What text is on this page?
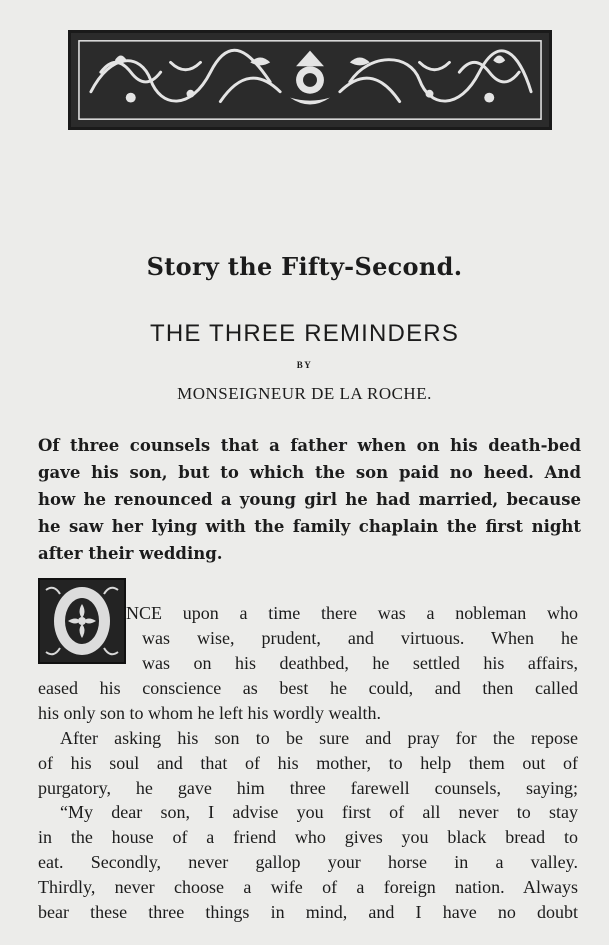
Story the Fifty-Second.
THE THREE REMINDERS
BY
MONSEIGNEUR DE LA ROCHE.
Of three counsels that a father when on his death-bed
gave his son, but to which the son paid no heed. And
how he renounced a young girl he had married, because
he saw her lying with the family chaplain the first night
after their wedding.
NCE upon a time there was a nobleman who
was wise, prudent, and virtuous. When he
was on his deathbed, he settled his affairs,
eased his conscience as best he could, and then called
his only son to whom he left his wordly wealth.
After asking his son to be sure and pray for the repose
of his soul and that of his mother, to help them out of
purgatory, he gave him three farewell counsels, saying;
“My dear son, I advise you first of all never to stay
in the house of a friend who gives you black bread to
eat. Secondly, never gallop your horse in a valley.
Thirdly, never choose a wife of a foreign nation. Always
bear these three things in mind, and I have no doubt
